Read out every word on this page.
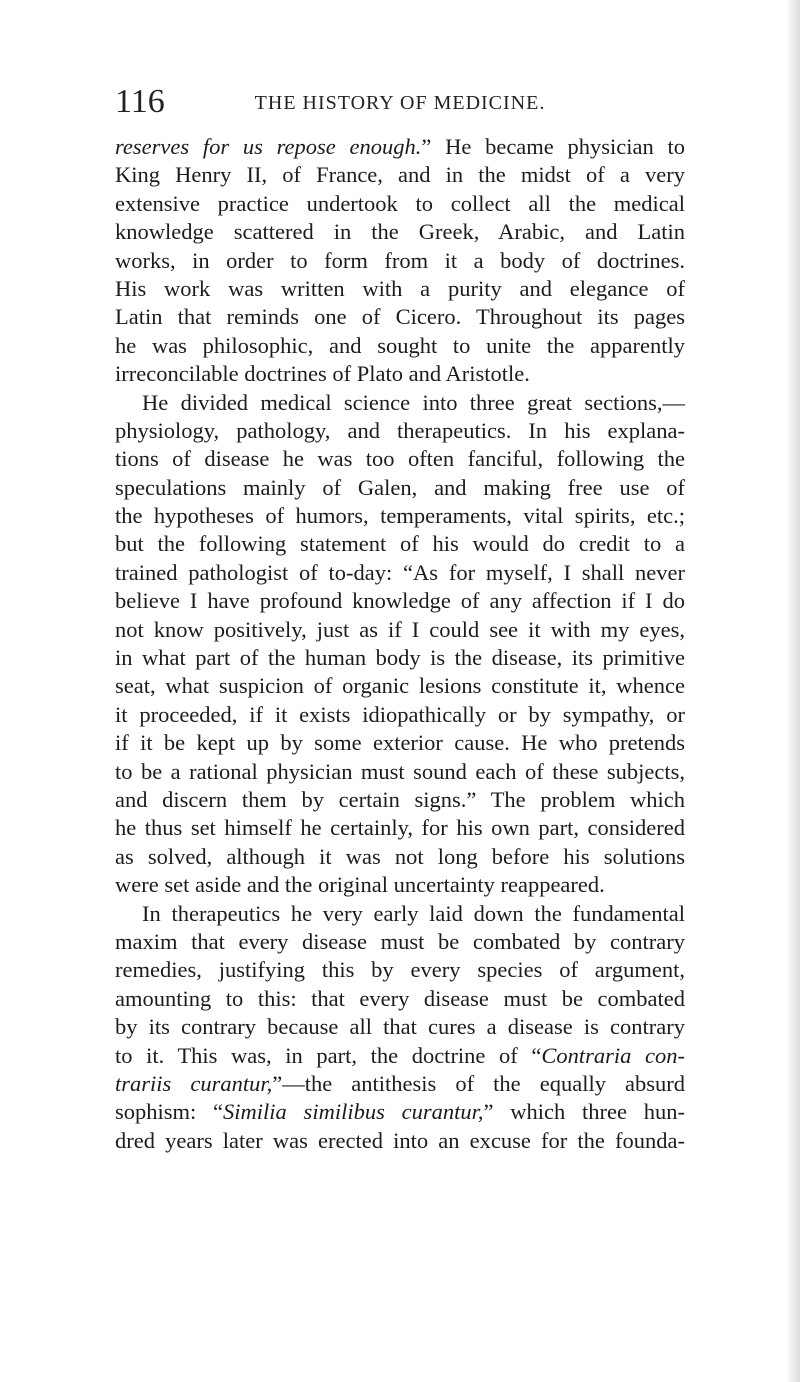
116	THE HISTORY OF MEDICINE.
reserves for us repose enough.” He became physician to
King Henry II, of France, and in the midst of a very
extensive practice undertook to collect all the medical
knowledge scattered in the Greek, Arabic, and Latin
works, in order to form from it a body of doctrines.
His work was written with a purity and elegance of
Latin that reminds one of Cicero. Throughout its pages
he was philosophic, and sought to unite the apparently
irreconcilable doctrines of Plato and Aristotle.
He divided medical science into three great sections,—
physiology, pathology, and therapeutics. In his explana-
tions of disease he was too often fanciful, following the
speculations mainly of Galen, and making free use of
the hypotheses of humors, temperaments, vital spirits, etc.;
but the following statement of his would do credit to a
trained pathologist of to-day: “As for myself, I shall never
believe I have profound knowledge of any affection if I do
not know positively, just as if I could see it with my eyes,
in what part of the human body is the disease, its primitive
seat, what suspicion of organic lesions constitute it, whence
it proceeded, if it exists idiopathically or by sympathy, or
if it be kept up by some exterior cause. He who pretends
to be a rational physician must sound each of these subjects,
and discern them by certain signs.” The problem which
he thus set himself he certainly, for his own part, considered
as solved, although it was not long before his solutions
were set aside and the original uncertainty reappeared.
In therapeutics he very early laid down the fundamental
maxim that every disease must be combated by contrary
remedies, justifying this by every species of argument,
amounting to this: that every disease must be combated
by its contrary because all that cures a disease is contrary
to it. This was, in part, the doctrine of “Contraria con-
trariis curantur,”—the antithesis of the equally absurd
sophism: “Similia similibus curantur,” which three hun-
dred years later was erected into an excuse for the founda-
